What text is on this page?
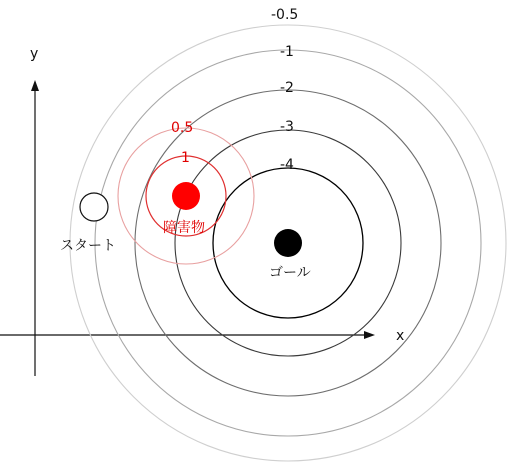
y
x
-0.5
-1
-2
-3
-4
0.5
1
スタート
障害物
ゴール
